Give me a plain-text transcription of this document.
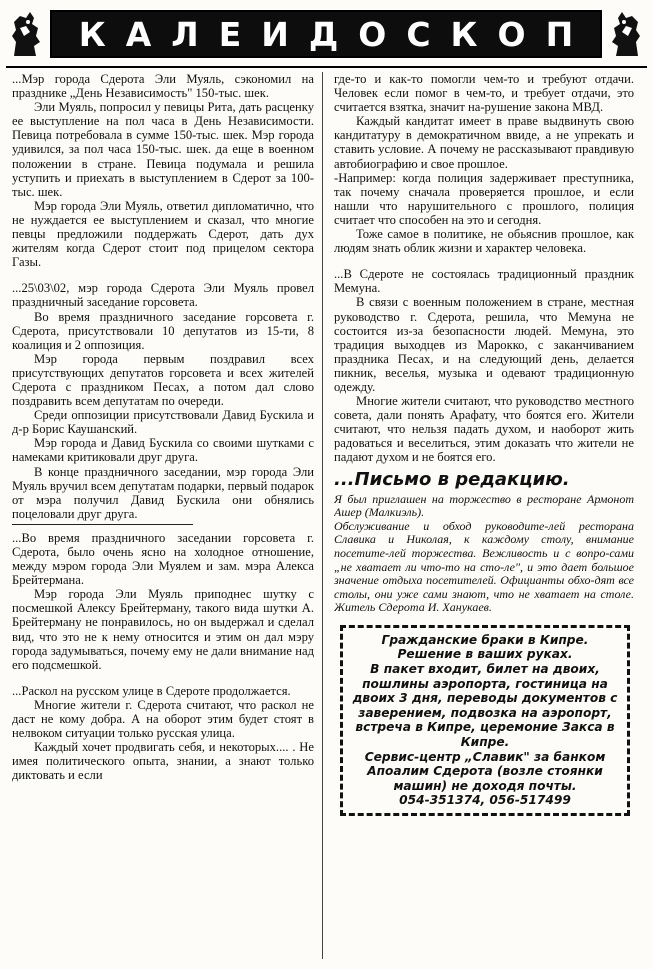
КАЛЕИДОСКОП

...Мэр города Сдерота Эли Муяль, сэкономил на празднике „День Независимость" 150-тыс. шек.

Эли Муяль, попросил у певицы Рита, дать расценку ее выступление на пол часа в День Независимости. Певица потребовала в сумме 150-тыс. шек. Мэр города удивился, за пол часа 150-тыс. шек. да еще в военном положении в стране. Певица подумала и решила уступить и приехать в выступлением в Сдерот за 100-тыс. шек.

Мэр города Эли Муяль, ответил дипломатично, что не нуждается ее выступлением и сказал, что многие певцы предложили поддержать Сдерот, дать дух жителям когда Сдерот стоит под прицелом сектора Газы.

...25\03\02, мэр города Сдерота Эли Муяль провел праздничный заседание горсовета.

Во время праздничного заседание горсовета г. Сдерота, присутствовали 10 депутатов из 15-ти, 8 коалиция и 2 оппозиция.

Мэр города первым поздравил всех присутствующих депутатов горсовета и всех жителей Сдерота с праздником Песах, а потом дал слово поздравить всем депутатам по очереди.

Среди оппозиции присутствовали Давид Бускила и д-р Борис Каушанский.

Мэр города и Давид Бускила со своими шутками с намеками критиковали друг друга.

В конце праздничного заседании, мэр города Эли Муяль вручил всем депутатам подарки, первый подарок от мэра получил Давид Бускила они обнялись поцеловали друг друга.

...Во время праздничного заседании горсовета г. Сдерота, было очень ясно на холодное отношение, между мэром города Эли Муялем и зам. мэра Алекса Брейтермана.

Мэр города Эли Муяль приподнес шутку с посмешкой Алексу Брейтерману, такого вида шутки А. Брейтерману не понравилось, но он выдержал и сделал вид, что это не к нему относится и этим он дал мэру города задумываться, почему ему не дали внимание над его подсмешкой.

...Раскол на русском улице в Сдероте продолжается.

Многие жители г. Сдерота считают, что раскол не даст не кому добра. А на оборот этим будет стоят в нелвоком ситуации только русская улица.

Каждый хочет продвигать себя, и некоторых.... . Не имея политического опыта, знании, а знают только диктовать и если

где-то и как-то помогли чем-то и требуют отдачи. Человек если помог в чем-то, и требует отдачи, это считается взятка, значит на-рушение закона МВД.

Каждый кандитат имеет в праве выдвинуть свою кандитатуру в демократичном ввиде, а не упрекать и ставить условие. А почему не рассказывают правдивую автобиографию и свое прошлое.

-Например: когда полиция задерживает преступника, так почему сначала проверяется прошлое, и если нашли что нарушительного с прошлого, полиция считает что способен на это и сегодня.

Тоже самое в политике, не обьяснив прошлое, как людям знать облик жизни и характер человека.

...В Сдероте не состоялась традиционный праздник Мемуна.

В связи с военным положением в стране, местная руководство г. Сдерота, решила, что Мемуна не состоится из-за безопасности людей. Мемуна, это традиция выходцев из Марокко, с заканчиванием праздника Песах, и на следующий день, делается пикник, веселья, музыка и одевают традиционную одежду.

Многие жители считают, что руководство местного совета, дали понять Арафату, что боятся его. Жители считают, что нельзя падать духом, и наоборот жить радоваться и веселиться, этим доказать что жители не падают духом и не боятся его.

...Письмо в редакцию.

Я был приглашен на торжество в ресторане Армонот Ашер (Малкиэль).

Обслуживание и обход руководите-лей ресторана Славика и Николая, к каждому столу, внимание посетите-лей торжества. Вежливость и с вопро-сами „не хватает ли что-то на сто-ле", и это дает большое значение отдыха посетителей. Официанты обхо-дят все столы, они уже сами знают, что не хватает на столе. Житель Сдерота И. Ханукаев.

Гражданские браки в Кипре.
Решение в ваших руках.
В пакет входит, билет на двоих, пошлины аэропорта, гостиница на двоих 3 дня, переводы документов с заверением, подвозка на аэропорт, встреча в Кипре, церемоние Закса в Кипре.
Сервис-центр „Славик" за банком Апоалим Сдерота (возле стоянки машин) не доходя почты.
054-351374, 056-517499
